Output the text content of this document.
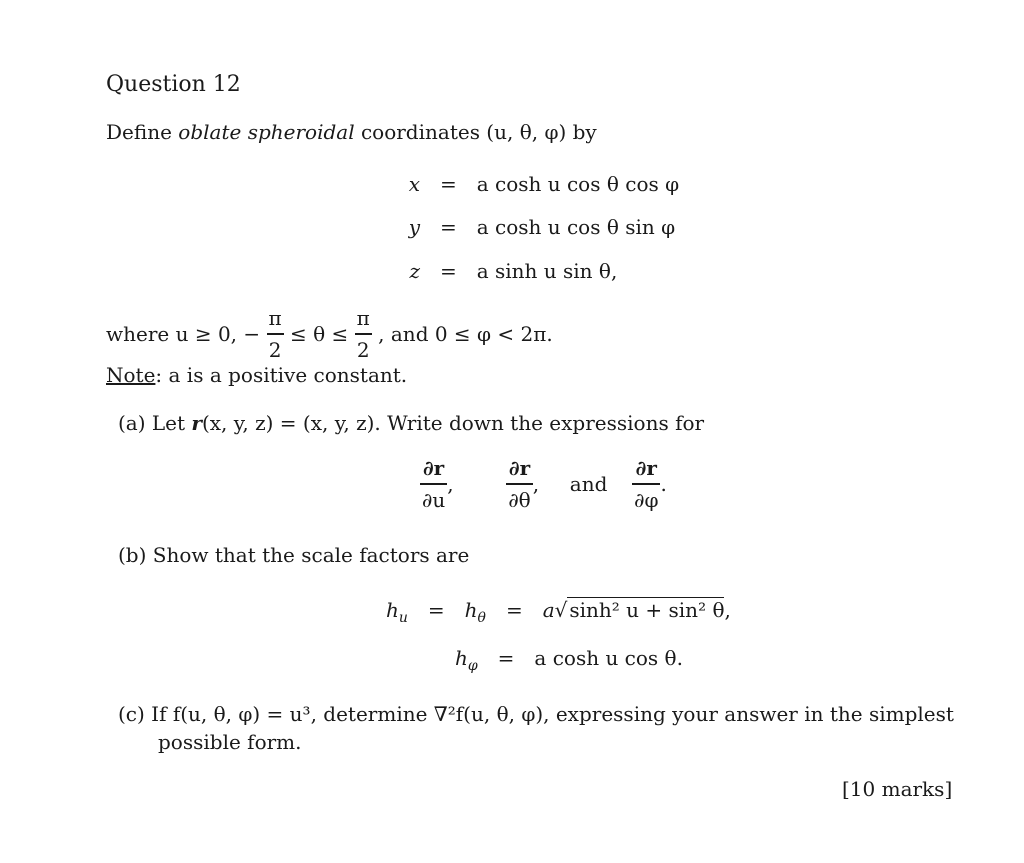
Question 12
Define oblate spheroidal coordinates (u, θ, φ) by
x = a cosh u cos θ cos φ
y = a cosh u cos θ sin φ
z = a sinh u sin θ,
where u ≥ 0, − $\frac{\pi}{2} \le \theta \le \frac{\pi}{2}$ , and 0 ≤ φ < 2π.
Note: a is a positive constant.
(a) Let r(x, y, z) = (x, y, z). Write down the expressions for
$\frac{\partial r}{\partial u}$ ,	$\frac{\partial r}{\partial\theta}$ , and $\frac{\partial r}{\partial\varphi}$ .
(b) Show that the scale factors are
$h_u = h_\theta = a√$ sinh² u + sin² θ,
$h_\varphi = a$ cosh u cos θ.
(c) If f(u, θ, φ) = u³, determine ∇²f(u, θ, φ), expressing your answer in the simplest
possible form.
[10 marks]
